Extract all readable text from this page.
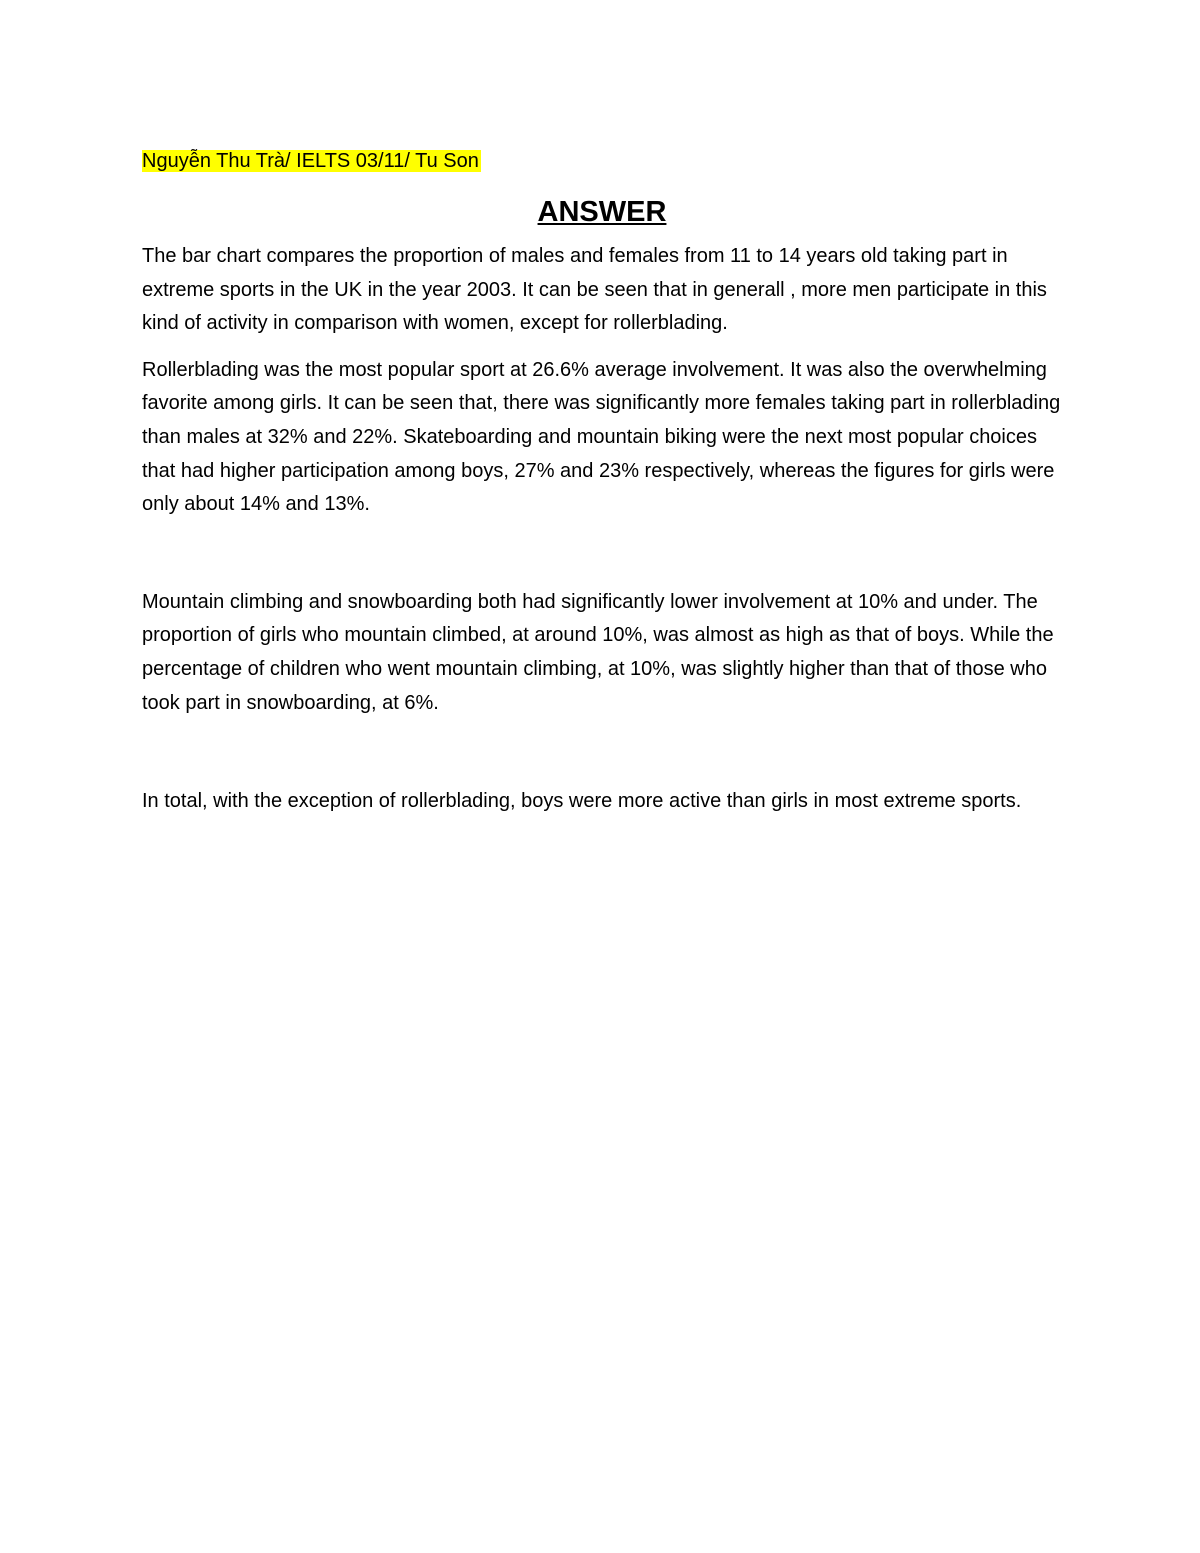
Nguyễn Thu Trà/ IELTS 03/11/ Tu Son

ANSWER

The bar chart compares the proportion of males and females from 11 to 14 years old taking part in extreme sports in the UK in the year 2003. It can be seen that in generall , more men participate in this kind of activity in comparison with women, except for rollerblading.

Rollerblading was the most popular sport at 26.6% average involvement. It was also the overwhelming favorite among girls. It can be seen that, there was significantly more females taking part in rollerblading than males at 32% and 22%. Skateboarding and mountain biking were the next most popular choices that had higher participation among boys, 27% and 23% respectively, whereas the figures for girls were only about 14% and 13%.

Mountain climbing and snowboarding both had significantly lower involvement at 10% and under. The proportion of girls who mountain climbed, at around 10%, was almost as high as that of boys. While the percentage of children who went mountain climbing, at 10%, was slightly higher than that of those who took part in snowboarding, at 6%.

In total, with the exception of rollerblading, boys were more active than girls in most extreme sports.
